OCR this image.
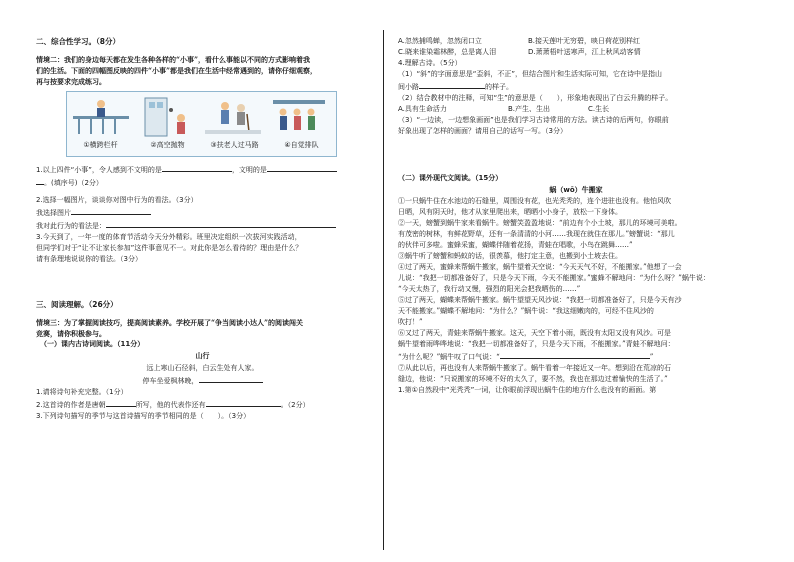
二、综合性学习。（8分）
情境二：我们的身边每天都在发生各种各样的“小事”，看什么事能以不同的方式影响着我
们的生活。下面的四幅图反映的四件“小事”都是我们在生活中经常遇到的，请你仔细观察，
再与按要求完成练习。
①横跨栏杆	②高空抛物	③扶老人过马路	④自觉排队
1.以上四件“小事”，令人感到不文明的是	，文明的是
。(填序号)（2分）
2.选择一幅图片，谈谈你对图中行为的看法。（3分）
我选择图片
我对此行为的看法是：
3.今天到了，一年一度的体育节活动今天分外精彩。班里决定组织一次拔河实践活动，
但同学们对于“让不让家长参加”这件事意见不一。对此你是怎么看待的？理由是什么？
请有条理地说说你的看法。（3分）
三、阅读理解。（26分）
情境三：为了掌握阅读技巧，提高阅读素养。学校开展了“争当阅读小达人”的阅读闯关
竞赛，请你积极参与。
（一）课内古诗词阅读。（11分）
山行
远上寒山石径斜，白云生处有人家。
停车坐爱枫林晚，
1.请将诗句补充完整。（1分）
2.这首诗的作者是唐朝	所写，他的代表作还有	。（2分）
3.下列诗句描写的季节与这首诗描写的季节相同的是（　　）。（3分）
A.忽然捕鸣蝉，忽然闭口立	B.接天莲叶无穷碧，映日荷花别样红
C.晓来谁染霜林醉，总是离人泪	D.萧萧梧叶送寒声，江上秋风动客情
4.理解古诗。（5分）
（1）“斜”的字面意思是“歪斜，不正”，但结合图片和生活实际可知，它在诗中是指山
间小路	的样子。
（2）结合教材中的注释，可知“生”的意思是（　　），形象地表现出了白云升腾的样子。
A.具有生命活力	B.产生、生出	C.生长
（3）“一边读，一边想象画面”也是我们学习古诗常用的方法。读古诗的后两句，你眼前
好象出现了怎样的画面？请用自己的话写一写。（3分）
（二）课外现代文阅读。（15分）
蜗（wō）牛搬家
①一只蜗牛住在水池边的石缝里，周围没有花，也光秃秃的，连个进驻也没有。他怕风吹
日晒，风有阴天时，他才从家里爬出来，晒晒小小身子，放松一下身体。
②一天，螃蟹到蜗牛家来看蜗牛。螃蟹笑盈盈地说：“前边有个小土坡，那儿的环境可美啦。
有茂密的树林，有鲜花野草，还有一条清清的小河……我现在就住在那儿。”螃蟹说：“那儿
的伙伴可多啦。蜜蜂采蜜，蝴蝶伴随着花扬，青蛙在唱歌，小鸟在跳舞……”
③蜗牛听了螃蟹和蚂蚁的话，很羡慕，他打定主意，也搬到小土坡去住。
④过了两天，蜜蜂来帮蜗牛搬家，蜗牛望着天空说：“今天天气不好，不能搬家。”他想了一会
儿说：“我把一切都准备好了，只是今天下雨，今天不能搬家。”蜜蜂不解地问：“为什么呀？”蜗牛说：
“今天太热了，我行动又慢，强烈的阳光会把我晒伤的……”
⑤过了两天，蝴蝶来帮蜗牛搬家。蜗牛望望天风沙说：“我把一切都准备好了，只是今天有沙
天不能搬家。”蝴蝶不解地问：“为什么？”蜗牛说：“我这细嫩肉的，可经不住风沙的
吹打！”
⑥又过了两天，青蛙来帮蜗牛搬家。这天，天空下着小雨，既没有太阳又没有风沙。可是
蜗牛望着雨哗哗地说：“我把一切都准备好了，只是今天下雨，不能搬家。”青蛙不解地问：
“为什么呢？”蜗牛叹了口气说：“	”
⑦从此以后，再也没有人来帮蜗牛搬家了。蜗牛看着一年接近又一年。想到沿在荒凉的石
缝边，他说：“只说搬家的环境不好的太久了，要不然，我也在那边过着愉快的生活了。”
1.第①自然段中“光秃秃”一词，让你眼前浮现出蜗牛住的地方什么也没有的画面。第
